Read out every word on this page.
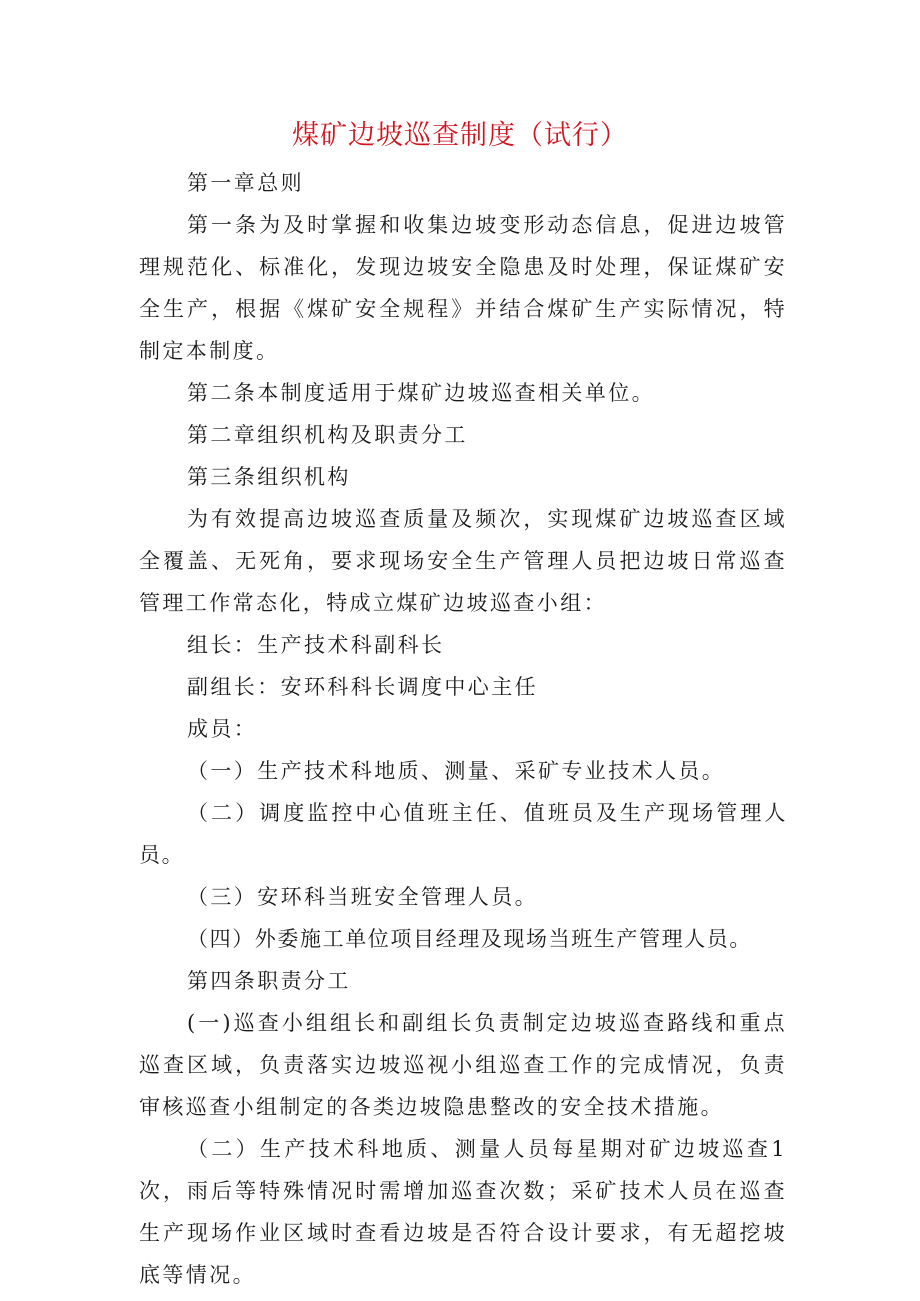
煤矿边坡巡查制度（试行）

第一章总则

第一条为及时掌握和收集边坡变形动态信息，促进边坡管理规范化、标准化，发现边坡安全隐患及时处理，保证煤矿安全生产，根据《煤矿安全规程》并结合煤矿生产实际情况，特制定本制度。

第二条本制度适用于煤矿边坡巡查相关单位。

第二章组织机构及职责分工

第三条组织机构

为有效提高边坡巡查质量及频次，实现煤矿边坡巡查区域全覆盖、无死角，要求现场安全生产管理人员把边坡日常巡查管理工作常态化，特成立煤矿边坡巡查小组：

组长：生产技术科副科长

副组长：安环科科长调度中心主任

成员：

（一）生产技术科地质、测量、采矿专业技术人员。

（二）调度监控中心值班主任、值班员及生产现场管理人员。

（三）安环科当班安全管理人员。

（四）外委施工单位项目经理及现场当班生产管理人员。

第四条职责分工

(一)巡查小组组长和副组长负责制定边坡巡查路线和重点巡查区域，负责落实边坡巡视小组巡查工作的完成情况，负责审核巡查小组制定的各类边坡隐患整改的安全技术措施。

（二）生产技术科地质、测量人员每星期对矿边坡巡查1次，雨后等特殊情况时需增加巡查次数；采矿技术人员在巡查生产现场作业区域时查看边坡是否符合设计要求，有无超挖坡底等情况。
